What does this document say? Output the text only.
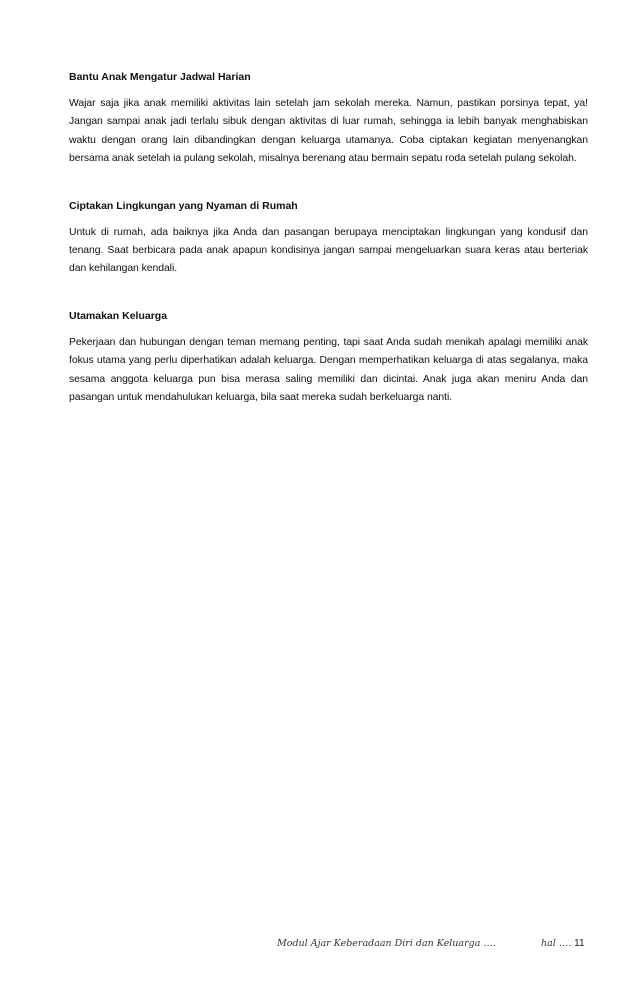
Bantu Anak Mengatur Jadwal Harian

Wajar saja jika anak memiliki aktivitas lain setelah jam sekolah mereka. Namun, pastikan porsinya tepat, ya! Jangan sampai anak jadi terlalu sibuk dengan aktivitas di luar rumah, sehingga ia lebih banyak menghabiskan waktu dengan orang lain dibandingkan dengan keluarga utamanya. Coba ciptakan kegiatan menyenangkan bersama anak setelah ia pulang sekolah, misalnya berenang atau bermain sepatu roda setelah pulang sekolah.

Ciptakan Lingkungan yang Nyaman di Rumah

Untuk di rumah, ada baiknya jika Anda dan pasangan berupaya menciptakan lingkungan yang kondusif dan tenang. Saat berbicara pada anak apapun kondisinya jangan sampai mengeluarkan suara keras atau berteriak dan kehilangan kendali.

Utamakan Keluarga

Pekerjaan dan hubungan dengan teman memang penting, tapi saat Anda sudah menikah apalagi memiliki anak fokus utama yang perlu diperhatikan adalah keluarga. Dengan memperhatikan keluarga di atas segalanya, maka sesama anggota keluarga pun bisa merasa saling memiliki dan dicintai. Anak juga akan meniru Anda dan pasangan untuk mendahulukan keluarga, bila saat mereka sudah berkeluarga nanti.

Modul Ajar Keberadaan Diri dan Keluarga ….	hal …. 11
